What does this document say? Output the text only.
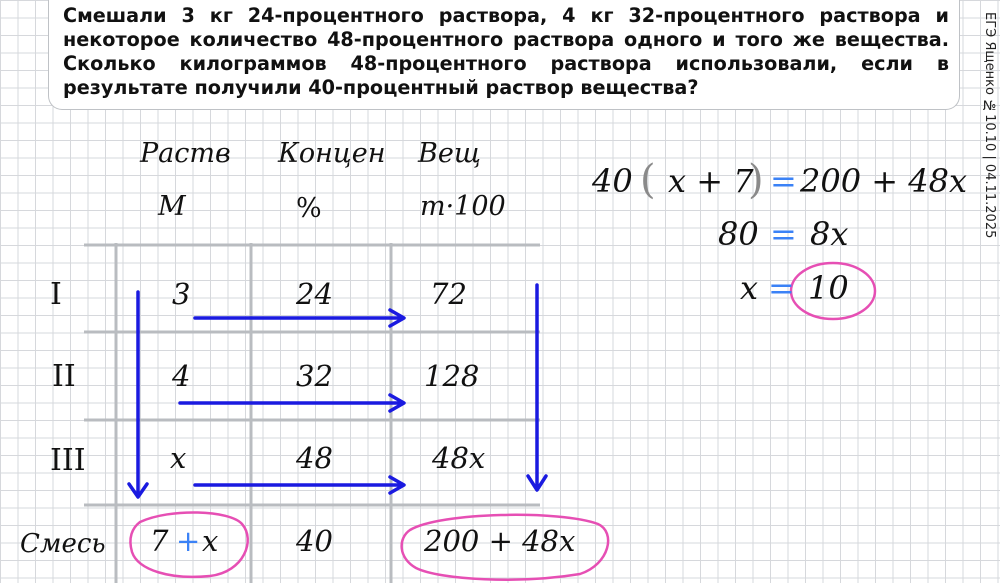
Смешали 3 кг 24-процентного раствора, 4 кг 32-процентного раствора и некоторое количество 48-процентного раствора одного и того же вещества. Сколько килограммов 48-процентного раствора использовали, если в результате получили 40-процентный раствор вещества?	ЕГЭ Ященко №10.10 | 04.11.2025
Раств Концен Вещ
М	%	m·100
I	3	24	72
II	4	32	128
III	x	48	48x
Смесь 7 + x	40	200 + 48x
40 ( x + 7
) = 200 + 48x
80 = 8x
x = 10
